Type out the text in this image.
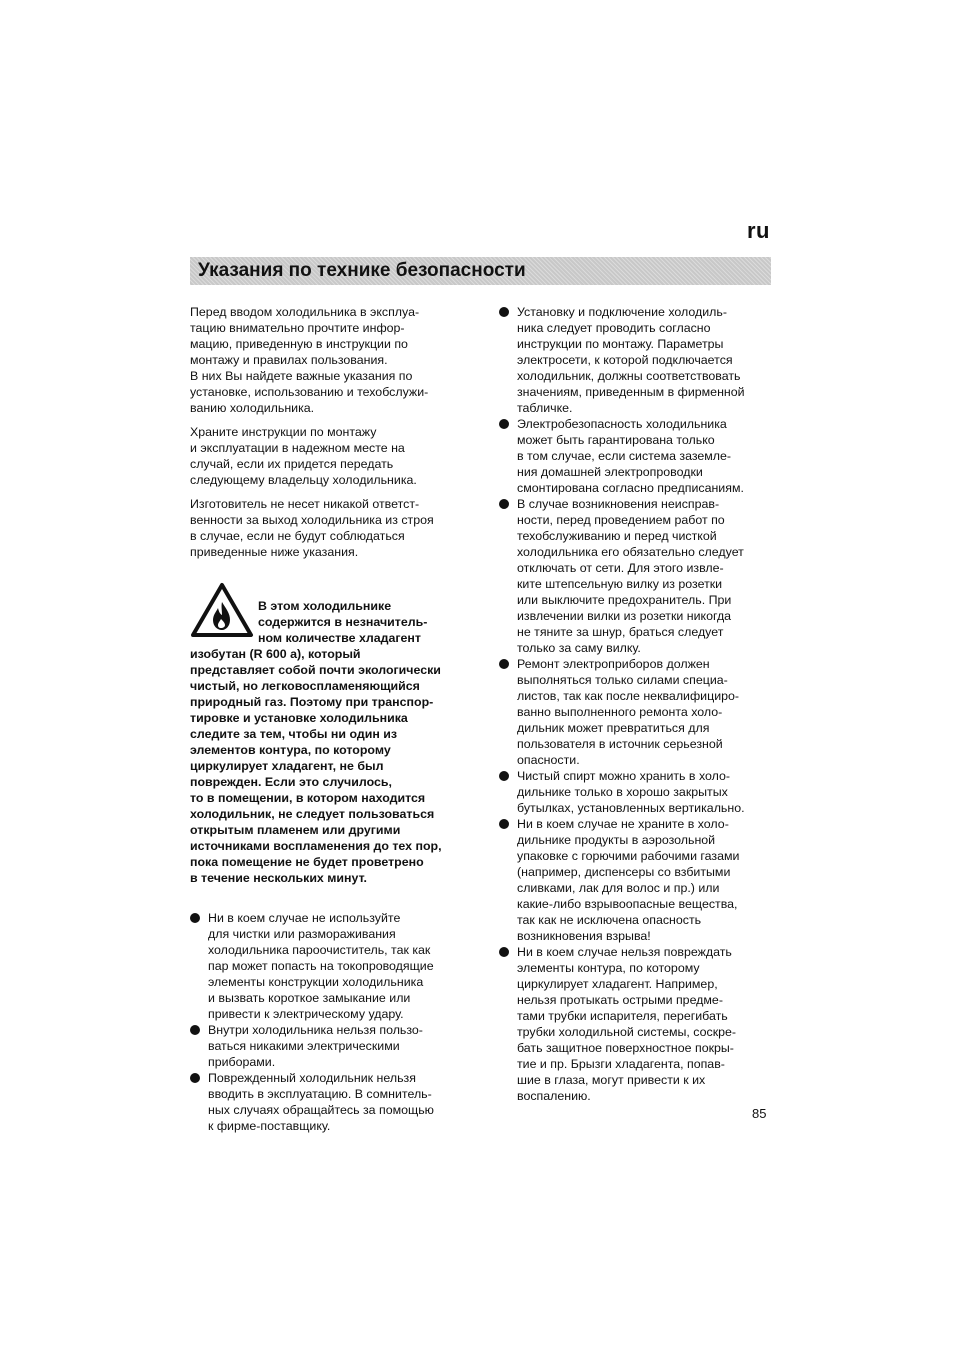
ru
Указания по технике безопасности

Перед вводом холодильника в эксплуа-
тацию внимательно прочтите инфор-
мацию, приведенную в инструкции по
монтажу и правилах пользования.

В них Вы найдете важные указания по
установке, использованию и техобслужи-
ванию холодильника.

Храните инструкции по монтажу
и эксплуатации в надежном месте на
случай, если их придется передать
следующему владельцу холодильника.

Изготовитель не несет никакой ответст-
венности за выход холодильника из строя
в случае, если не будут соблюдаться
приведенные ниже указания.

В этом холодильнике
содержится в незначитель-
ном количестве хладагент
изобутан (R 600 a), который
представляет собой почти экологически
чистый, но легковоспламеняющийся
природный газ. Поэтому при транспор-
тировке и установке холодильника
следите за тем, чтобы ни один из
элементов контура, по которому
циркулирует хладагент, не был
поврежден. Если это случилось,
то в помещении, в котором находится
холодильник, не следует пользоваться
открытым пламенем или другими
источниками воспламенения до тех пор,
пока помещение не будет проветрено
в течение нескольких минут.

Ни в коем случае не используйте
для чистки или размораживания
холодильника пароочиститель, так как
пар может попасть на токопроводящие
элементы конструкции холодильника
и вызвать короткое замыкание или
привести к электрическому удару.
Внутри холодильника нельзя пользо-
ваться никакими электрическими
приборами.
Поврежденный холодильник нельзя
вводить в эксплуатацию. В сомнитель-
ных случаях обращайтесь за помощью
к фирме-поставщику.
Установку и подключение холодиль-
ника следует проводить согласно
инструкции по монтажу. Параметры
электросети, к которой подключается
холодильник, должны соответствовать
значениям, приведенным в фирменной
табличке.
Электробезопасность холодильника
может быть гарантирована только
в том случае, если система заземле-
ния домашней электропроводки
смонтирована согласно предписаниям.
В случае возникновения неисправ-
ности, перед проведением работ по
техобслуживанию и перед чисткой
холодильника его обязательно следует
отключать от сети. Для этого извле-
ките штепсельную вилку из розетки
или выключите предохранитель. При
извлечении вилки из розетки никогда
не тяните за шнур, браться следует
только за саму вилку.
Ремонт электроприборов должен
выполняться только силами специа-
листов, так как после неквалифициро-
ванно выполненного ремонта холо-
дильник может превратиться для
пользователя в источник серьезной
опасности.
Чистый спирт можно хранить в холо-
дильнике только в хорошо закрытых
бутылках, установленных вертикально.
Ни в коем случае не храните в холо-
дильнике продукты в аэрозольной
упаковке с горючими рабочими газами
(например, диспенсеры со взбитыми
сливками, лак для волос и пр.) или
какие-либо взрывоопасные вещества,
так как не исключена опасность
возникновения взрыва!
Ни в коем случае нельзя повреждать
элементы контура, по которому
циркулирует хладагент. Например,
нельзя протыкать острыми предме-
тами трубки испарителя, перегибать
трубки холодильной системы, соскре-
бать защитное поверхностное покры-
тие и пр. Брызги хладагента, попав-
шие в глаза, могут привести к их
воспалению.
85
